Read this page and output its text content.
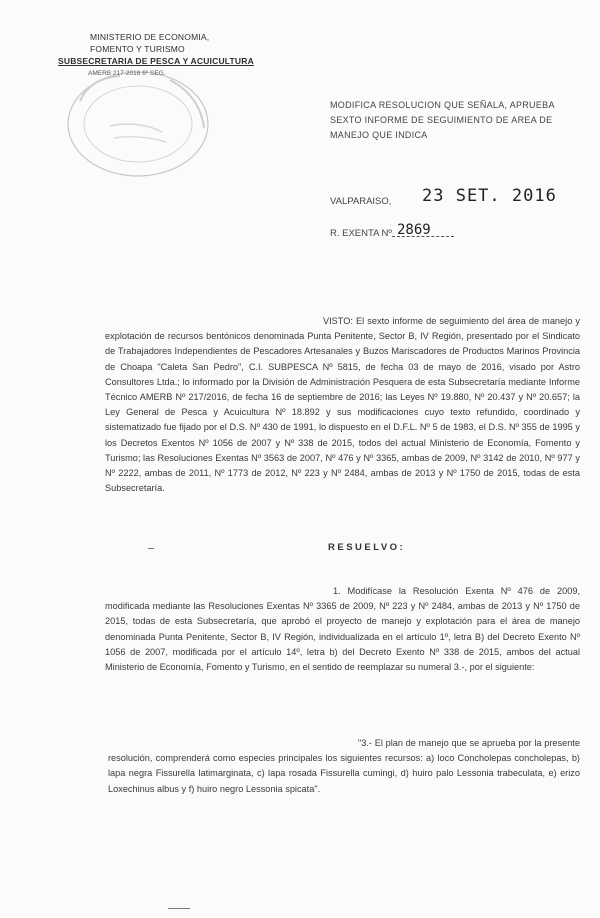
MINISTERIO DE ECONOMIA,
FOMENTO Y TURISMO
SUBSECRETARIA DE PESCA Y ACUICULTURA
AMERB 217-2016 6º SEG.
MODIFICA RESOLUCION QUE SEÑALA, APRUEBA SEXTO INFORME DE SEGUIMIENTO DE AREA DE MANEJO QUE INDICA
VALPARAISO, 23 SET. 2016
R. EXENTA Nº 2869
VISTO: El sexto informe de seguimiento del área de manejo y explotación de recursos bentónicos denominada Punta Penitente, Sector B, IV Región, presentado por el Sindicato de Trabajadores Independientes de Pescadores Artesanales y Buzos Mariscadores de Productos Marinos Provincia de Choapa "Caleta San Pedro", C.I. SUBPESCA Nº 5815, de fecha 03 de mayo de 2016, visado por Astro Consultores Ltda.; lo informado por la División de Administración Pesquera de esta Subsecretaría mediante Informe Técnico AMERB Nº 217/2016, de fecha 16 de septiembre de 2016; las Leyes Nº 19.880, Nº 20.437 y Nº 20.657; la Ley General de Pesca y Acuicultura Nº 18.892 y sus modificaciones cuyo texto refundido, coordinado y sistematizado fue fijado por el D.S. Nº 430 de 1991, lo dispuesto en el D.F.L. Nº 5 de 1983, el D.S. Nº 355 de 1995 y los Decretos Exentos Nº 1056 de 2007 y Nº 338 de 2015, todos del actual Ministerio de Economía, Fomento y Turismo; las Resoluciones Exentas Nº 3563 de 2007, Nº 476 y Nº 3365, ambas de 2009, Nº 3142 de 2010, Nº 977 y Nº 2222, ambas de 2011, Nº 1773 de 2012, Nº 223 y Nº 2484, ambas de 2013 y Nº 1750 de 2015, todas de esta Subsecretaría.
RESUELVO:
1. Modifícase la Resolución Exenta Nº 476 de 2009, modificada mediante las Resoluciones Exentas Nº 3365 de 2009, Nº 223 y Nº 2484, ambas de 2013 y Nº 1750 de 2015, todas de esta Subsecretaría, que aprobó el proyecto de manejo y explotación para el área de manejo denominada Punta Penitente, Sector B, IV Región, individualizada en el artículo 1º, letra B) del Decreto Exento Nº 1056 de 2007, modificada por el artículo 14º, letra b) del Decreto Exento Nº 338 de 2015, ambos del actual Ministerio de Economía, Fomento y Turismo, en el sentido de reemplazar su numeral 3.-, por el siguiente:
"3.- El plan de manejo que se aprueba por la presente resolución, comprenderá como especies principales los siguientes recursos: a) loco Concholepas concholepas, b) lapa negra Fissurella latimarginata, c) lapa rosada Fissurella cumingi, d) huiro palo Lessonia trabeculata, e) erizo Loxechinus albus y f) huiro negro Lessonia spicata".
